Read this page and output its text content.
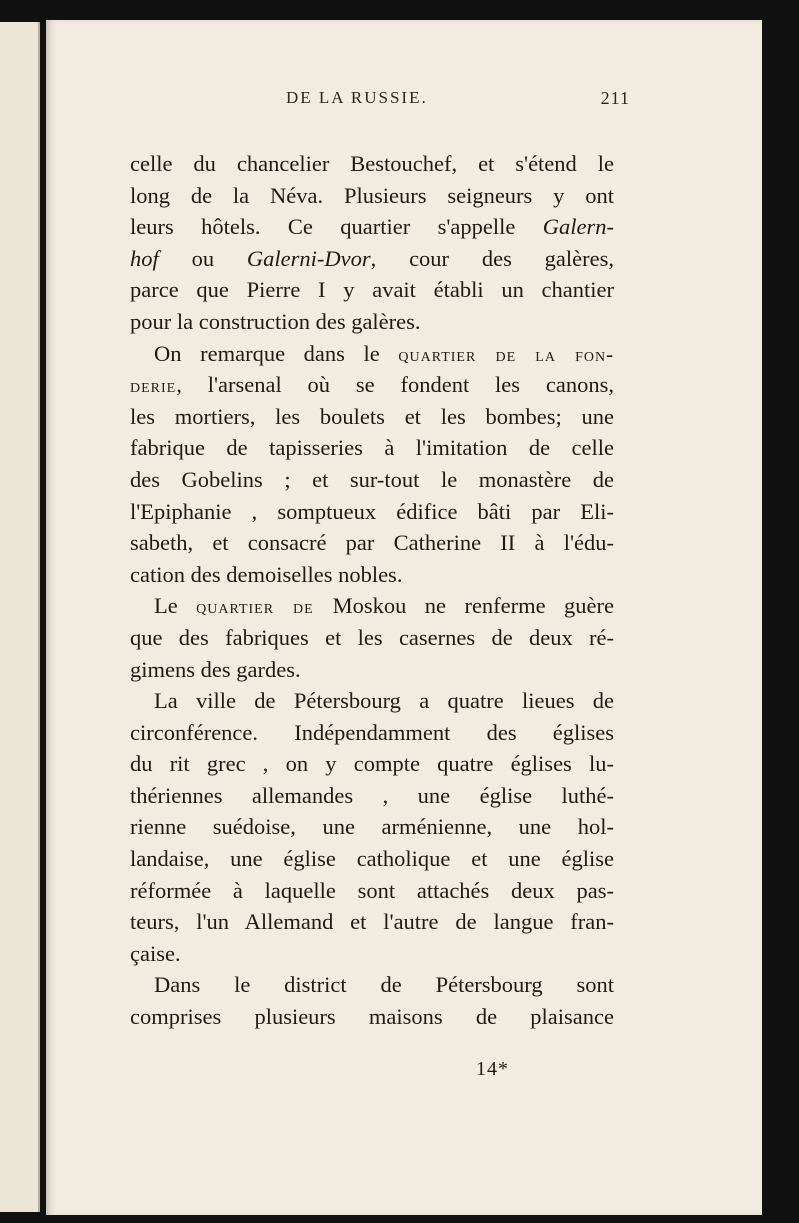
DE LA RUSSIE.	211
celle du chancelier Bestouchef, et s'étend le
long de la Néva. Plusieurs seigneurs y ont
leurs hôtels. Ce quartier s'appelle Galern-
hof ou Galerni-Dvor, cour des galères,
parce que Pierre I y avait établi un chantier
pour la construction des galères.
On remarque dans le quartier de la fon-
derie, l'arsenal où se fondent les canons,
les mortiers, les boulets et les bombes; une
fabrique de tapisseries à l'imitation de celle
des Gobelins ; et sur-tout le monastère de
l'Epiphanie , somptueux édifice bâti par Eli-
sabeth, et consacré par Catherine II à l'édu-
cation des demoiselles nobles.
Le quartier de Moskou ne renferme guère
que des fabriques et les casernes de deux ré-
gimens des gardes.
La ville de Pétersbourg a quatre lieues de
circonférence. Indépendamment des églises
du rit grec , on y compte quatre églises lu-
thériennes allemandes , une église luthé-
rienne suédoise, une arménienne, une hol-
landaise, une église catholique et une église
réformée à laquelle sont attachés deux pas-
teurs, l'un Allemand et l'autre de langue fran-
çaise.
Dans le district de Pétersbourg sont
comprises plusieurs maisons de plaisance
14*
